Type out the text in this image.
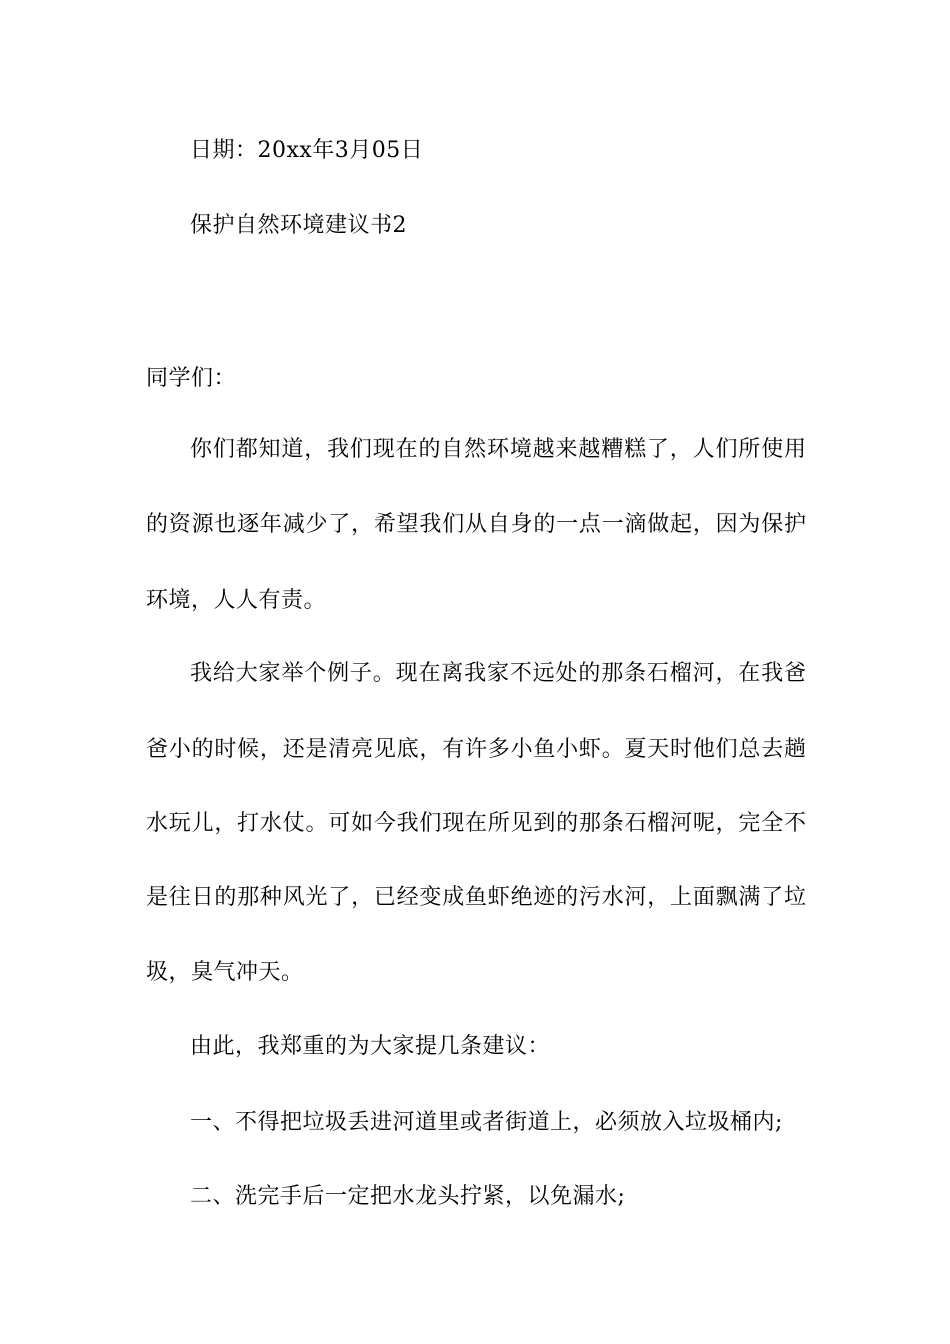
日期：20xx年3月05日
保护自然环境建议书2
同学们：
你们都知道，我们现在的自然环境越来越糟糕了，人们所使用
的资源也逐年减少了，希望我们从自身的一点一滴做起，因为保护
环境，人人有责。
我给大家举个例子。现在离我家不远处的那条石榴河，在我爸
爸小的时候，还是清亮见底，有许多小鱼小虾。夏天时他们总去趟
水玩儿，打水仗。可如今我们现在所见到的那条石榴河呢，完全不
是往日的那种风光了，已经变成鱼虾绝迹的污水河，上面飘满了垃
圾，臭气冲天。
由此，我郑重的为大家提几条建议：
一、不得把垃圾丢进河道里或者街道上，必须放入垃圾桶内;
二、洗完手后一定把水龙头拧紧，以免漏水;
